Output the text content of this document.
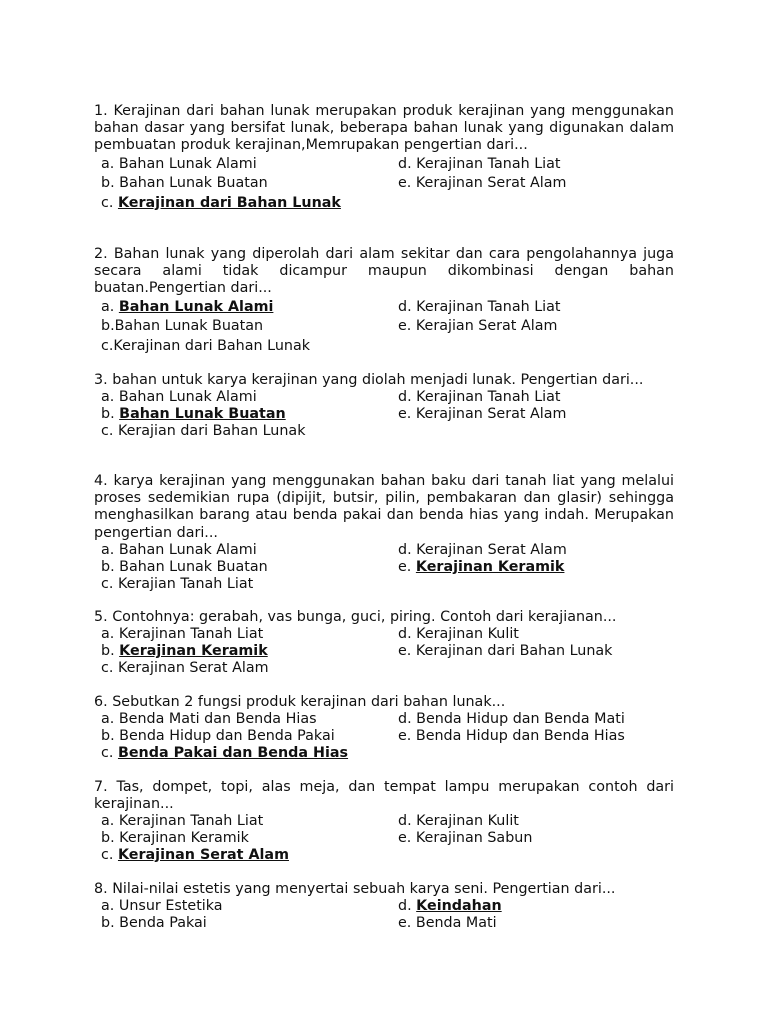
1. Kerajinan dari bahan lunak merupakan produk kerajinan yang menggunakan bahan dasar yang bersifat lunak, beberapa bahan lunak yang digunakan dalam pembuatan produk kerajinan,Memrupakan pengertian dari...
a. Bahan Lunak Alami	d. Kerajinan Tanah Liat
b. Bahan Lunak Buatan	e. Kerajinan Serat Alam
c. Kerajinan dari Bahan Lunak
2. Bahan lunak yang diperolah dari alam sekitar dan cara pengolahannya juga secara alami tidak dicampur maupun dikombinasi dengan bahan buatan.Pengertian dari...
a. Bahan Lunak Alami	d. Kerajinan Tanah Liat
b.Bahan Lunak Buatan	e. Kerajian Serat Alam
c.Kerajinan dari Bahan Lunak
3. bahan untuk karya kerajinan yang diolah menjadi lunak. Pengertian dari...
a. Bahan Lunak Alami	d. Kerajinan Tanah Liat
b. Bahan Lunak Buatan	e. Kerajinan Serat Alam
c. Kerajian dari Bahan Lunak
4. karya kerajinan yang menggunakan bahan baku dari tanah liat yang melalui proses sedemikian rupa (dipijit, butsir, pilin, pembakaran dan glasir) sehingga menghasilkan barang atau benda pakai dan benda hias yang indah. Merupakan pengertian dari...
a. Bahan Lunak Alami	d. Kerajinan Serat Alam
b. Bahan Lunak Buatan	e. Kerajinan Keramik
c. Kerajian Tanah Liat
5. Contohnya: gerabah, vas bunga, guci, piring. Contoh dari kerajianan...
a. Kerajinan Tanah Liat	d. Kerajinan Kulit
b. Kerajinan Keramik	e. Kerajinan dari Bahan Lunak
c. Kerajinan Serat Alam
6. Sebutkan 2 fungsi produk kerajinan dari bahan lunak...
a. Benda Mati dan Benda Hias	d. Benda Hidup dan Benda Mati
b. Benda Hidup dan Benda Pakai	e. Benda Hidup dan Benda Hias
c. Benda Pakai dan Benda Hias
7. Tas, dompet, topi, alas meja, dan tempat lampu merupakan contoh dari kerajinan...
a. Kerajinan Tanah Liat	d. Kerajinan Kulit
b. Kerajinan Keramik	e. Kerajinan Sabun
c. Kerajinan Serat Alam
8. Nilai-nilai estetis yang menyertai sebuah karya seni. Pengertian dari...
a. Unsur Estetika	d. Keindahan
b. Benda Pakai	e. Benda Mati
